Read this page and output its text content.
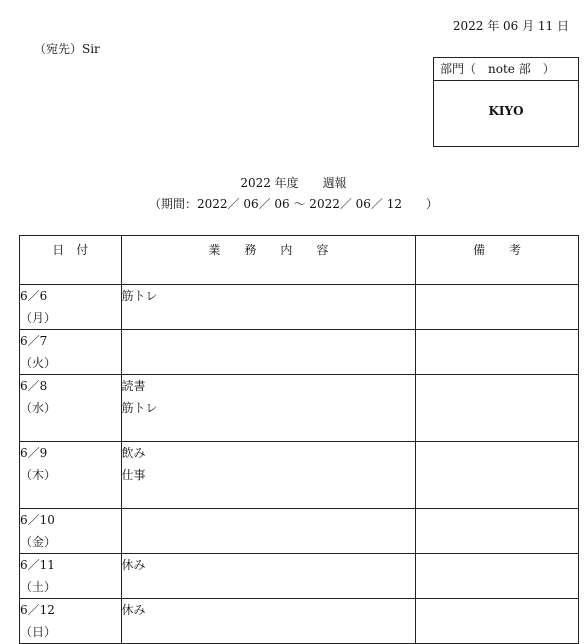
2022 年 06 月 11 日
（宛先）Sir
部門（　note 部　）
KIYO
2022 年度　　週報
（期間：2022／ 06／ 06 〜 2022／ 06／ 12　　）
日　付	業　　務　　内　　容	備　　考

6／6
（月）	筋トレ	

6／7
（火）		

6／8
（水）	読書
筋トレ	

6／9
（木）	飲み
仕事	

6／10
（金）		

6／11
（土）	休み	

6／12
（日）	休み	
